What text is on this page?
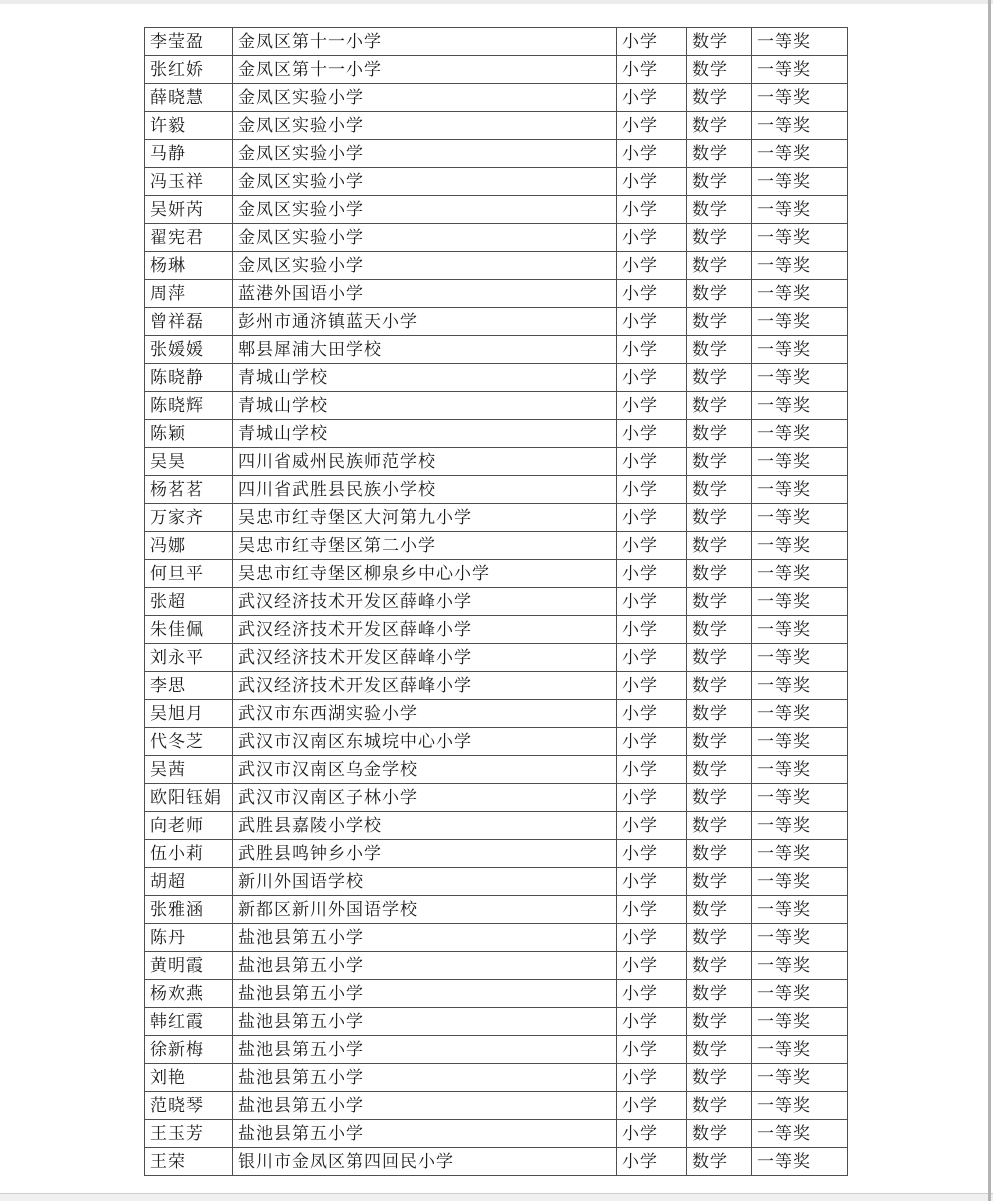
李莹盈	金凤区第十一小学	小学	数学	一等奖
张红娇	金凤区第十一小学	小学	数学	一等奖
薛晓慧	金凤区实验小学	小学	数学	一等奖
许毅	金凤区实验小学	小学	数学	一等奖
马静	金凤区实验小学	小学	数学	一等奖
冯玉祥	金凤区实验小学	小学	数学	一等奖
吴妍芮	金凤区实验小学	小学	数学	一等奖
翟宪君	金凤区实验小学	小学	数学	一等奖
杨琳	金凤区实验小学	小学	数学	一等奖
周萍	蓝港外国语小学	小学	数学	一等奖
曾祥磊	彭州市通济镇蓝天小学	小学	数学	一等奖
张媛媛	郫县犀浦大田学校	小学	数学	一等奖
陈晓静	青城山学校	小学	数学	一等奖
陈晓辉	青城山学校	小学	数学	一等奖
陈颖	青城山学校	小学	数学	一等奖
吴昊	四川省威州民族师范学校	小学	数学	一等奖
杨茗茗	四川省武胜县民族小学校	小学	数学	一等奖
万家齐	吴忠市红寺堡区大河第九小学	小学	数学	一等奖
冯娜	吴忠市红寺堡区第二小学	小学	数学	一等奖
何旦平	吴忠市红寺堡区柳泉乡中心小学	小学	数学	一等奖
张超	武汉经济技术开发区薛峰小学	小学	数学	一等奖
朱佳佩	武汉经济技术开发区薛峰小学	小学	数学	一等奖
刘永平	武汉经济技术开发区薛峰小学	小学	数学	一等奖
李思	武汉经济技术开发区薛峰小学	小学	数学	一等奖
吴旭月	武汉市东西湖实验小学	小学	数学	一等奖
代冬芝	武汉市汉南区东城垸中心小学	小学	数学	一等奖
吴茜	武汉市汉南区乌金学校	小学	数学	一等奖
欧阳钰娟	武汉市汉南区子林小学	小学	数学	一等奖
向老师	武胜县嘉陵小学校	小学	数学	一等奖
伍小莉	武胜县鸣钟乡小学	小学	数学	一等奖
胡超	新川外国语学校	小学	数学	一等奖
张雅涵	新都区新川外国语学校	小学	数学	一等奖
陈丹	盐池县第五小学	小学	数学	一等奖
黄明霞	盐池县第五小学	小学	数学	一等奖
杨欢燕	盐池县第五小学	小学	数学	一等奖
韩红霞	盐池县第五小学	小学	数学	一等奖
徐新梅	盐池县第五小学	小学	数学	一等奖
刘艳	盐池县第五小学	小学	数学	一等奖
范晓琴	盐池县第五小学	小学	数学	一等奖
王玉芳	盐池县第五小学	小学	数学	一等奖
王荣	银川市金凤区第四回民小学	小学	数学	一等奖
